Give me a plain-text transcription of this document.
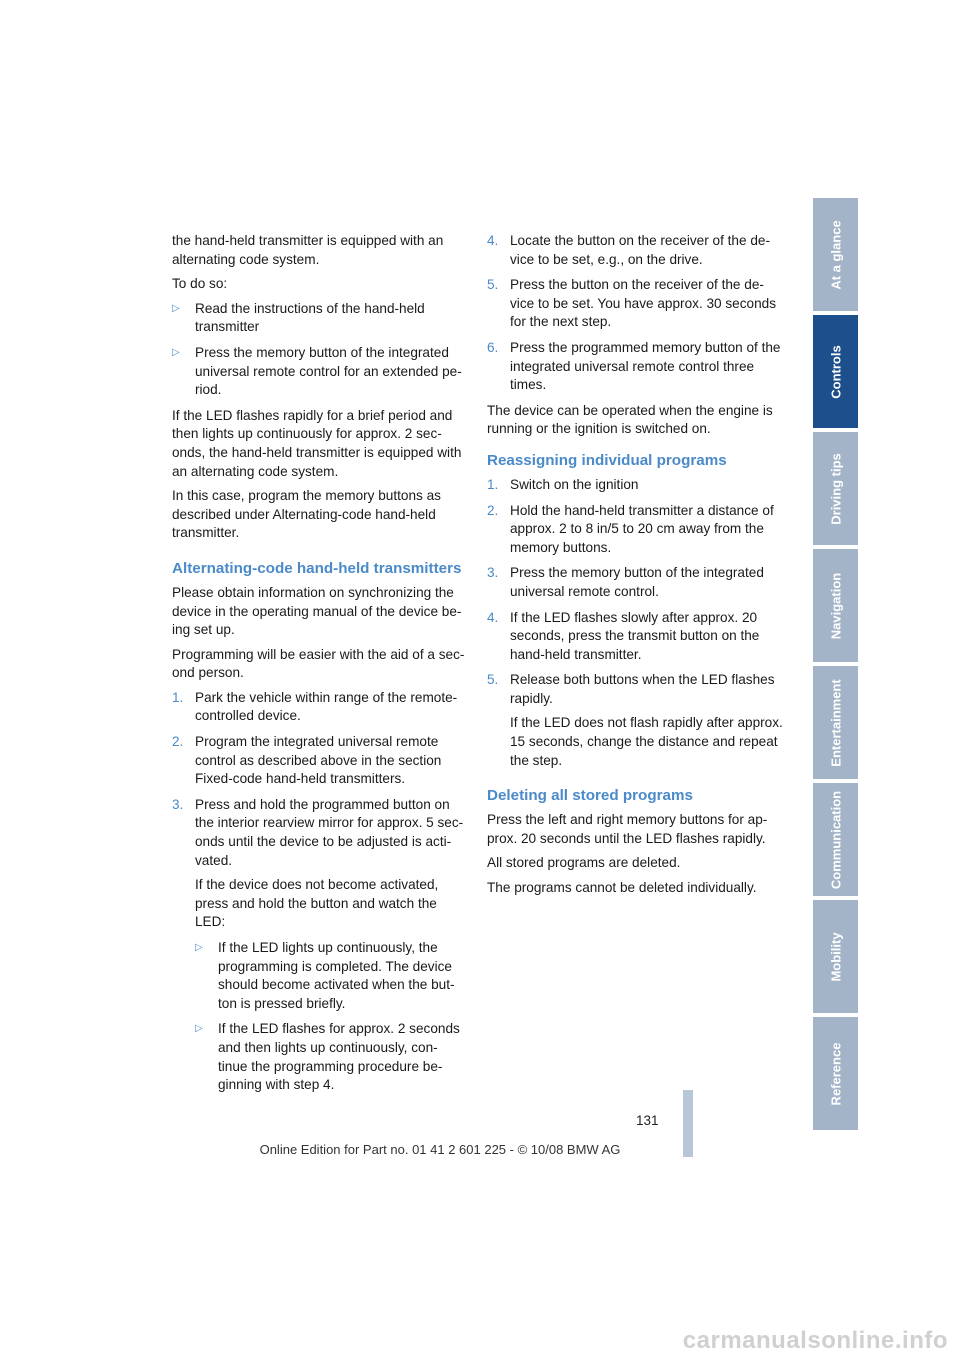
the hand-held transmitter is equipped with an alternating code system.

To do so:

▷ Read the instructions of the hand-held transmitter
▷ Press the memory button of the integrated universal remote control for an extended pe-riod.

If the LED flashes rapidly for a brief period and then lights up continuously for approx. 2 sec-onds, the hand-held transmitter is equipped with an alternating code system.

In this case, program the memory buttons as described under Alternating-code hand-held transmitter.

Alternating-code hand-held transmitters

Please obtain information on synchronizing the device in the operating manual of the device be-ing set up.

Programming will be easier with the aid of a sec-ond person.

1. Park the vehicle within range of the remote-controlled device.
2. Program the integrated universal remote control as described above in the section Fixed-code hand-held transmitters.
3. Press and hold the programmed button on the interior rearview mirror for approx. 5 sec-onds until the device to be adjusted is acti-vated.
If the device does not become activated, press and hold the button and watch the LED:
▷ If the LED lights up continuously, the programming is completed. The device should become activated when the but-ton is pressed briefly.
▷ If the LED flashes for approx. 2 seconds and then lights up continuously, con-tinue the programming procedure be-ginning with step 4.
4. Locate the button on the receiver of the de-vice to be set, e.g., on the drive.
5. Press the button on the receiver of the de-vice to be set. You have approx. 30 seconds for the next step.
6. Press the programmed memory button of the integrated universal remote control three times.

The device can be operated when the engine is running or the ignition is switched on.

Reassigning individual programs
1. Switch on the ignition
2. Hold the hand-held transmitter a distance of approx. 2 to 8 in/5 to 20 cm away from the memory buttons.
3. Press the memory button of the integrated universal remote control.
4. If the LED flashes slowly after approx. 20 seconds, press the transmit button on the hand-held transmitter.
5. Release both buttons when the LED flashes rapidly.
If the LED does not flash rapidly after approx. 15 seconds, change the distance and repeat the step.
Deleting all stored programs

Press the left and right memory buttons for ap-prox. 20 seconds until the LED flashes rapidly.

All stored programs are deleted.

The programs cannot be deleted individually.

At a glance
Controls
Driving tips
Navigation
Entertainment
Communication
Mobility
Reference
131
Online Edition for Part no. 01 41 2 601 225 - © 10/08 BMW AG
carmanualsonline.info
